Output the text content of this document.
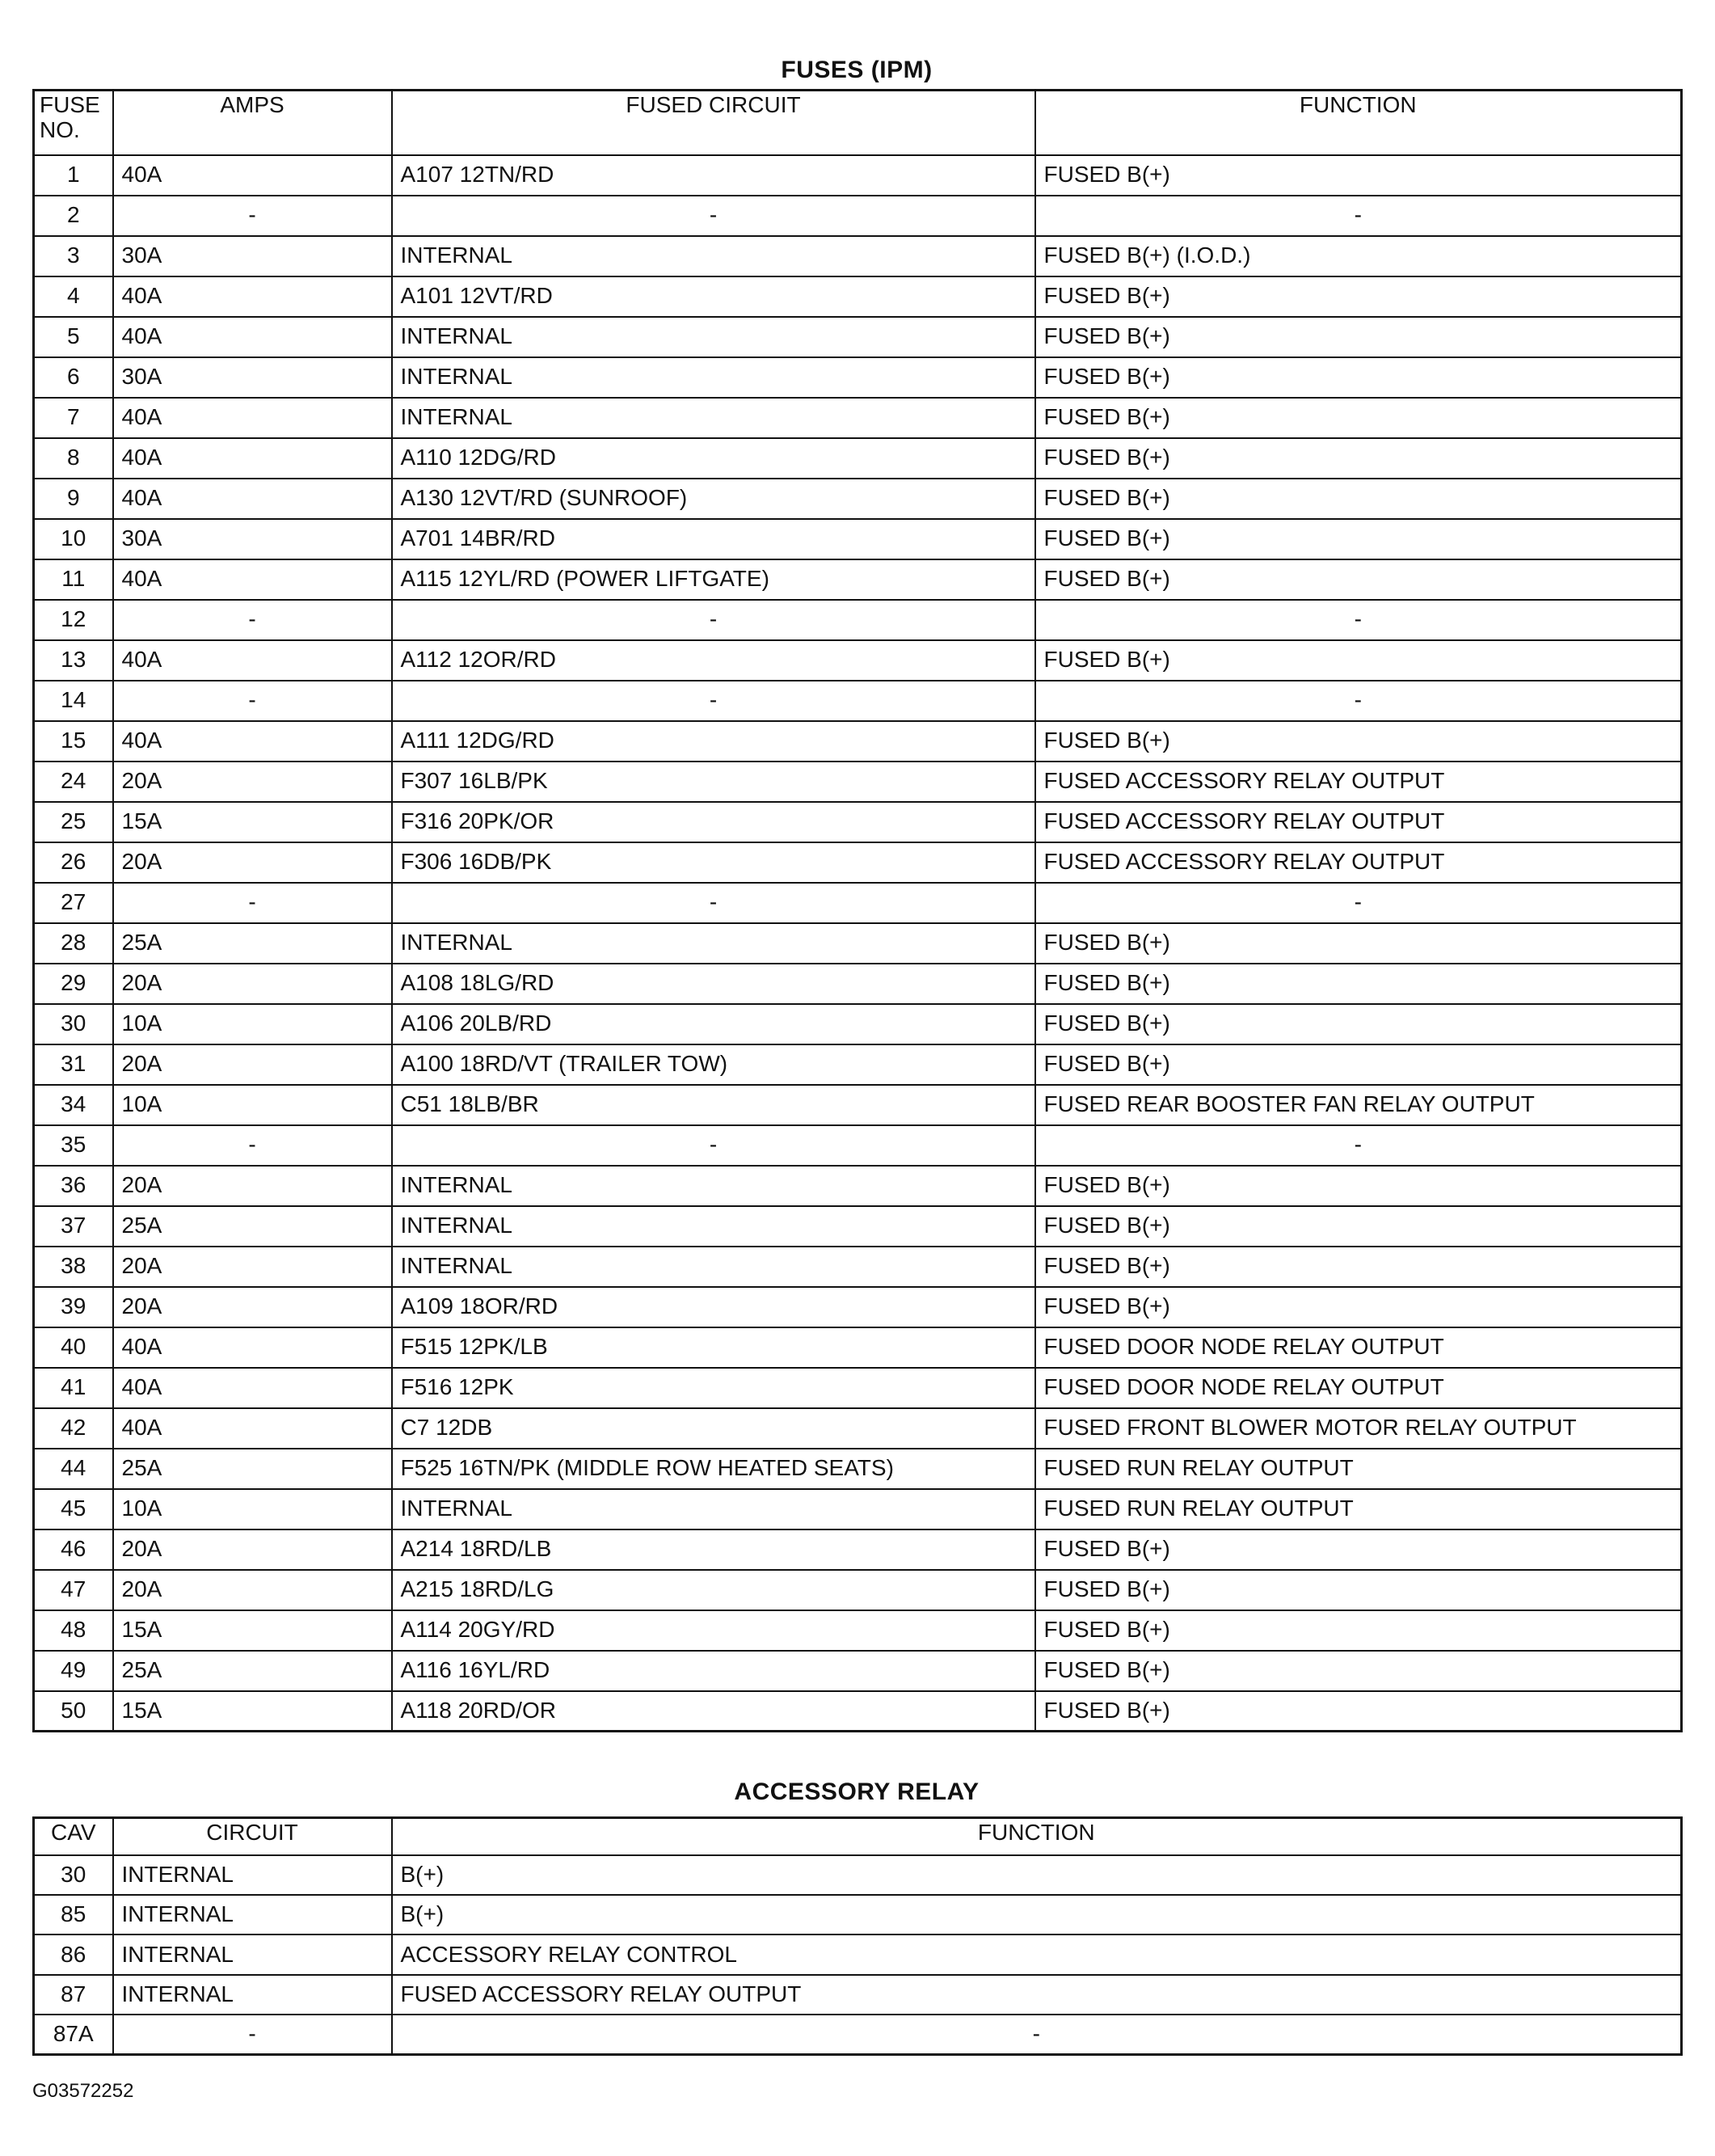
FUSES (IPM)
FUSE NO.	AMPS	FUSED CIRCUIT	FUNCTION
1	40A	A107 12TN/RD	FUSED B(+)
2	-	-	-
3	30A	INTERNAL	FUSED B(+) (I.O.D.)
4	40A	A101 12VT/RD	FUSED B(+)
5	40A	INTERNAL	FUSED B(+)
6	30A	INTERNAL	FUSED B(+)
7	40A	INTERNAL	FUSED B(+)
8	40A	A110 12DG/RD	FUSED B(+)
9	40A	A130 12VT/RD (SUNROOF)	FUSED B(+)
10	30A	A701 14BR/RD	FUSED B(+)
11	40A	A115 12YL/RD (POWER LIFTGATE)	FUSED B(+)
12	-	-	-
13	40A	A112 12OR/RD	FUSED B(+)
14	-	-	-
15	40A	A111 12DG/RD	FUSED B(+)
24	20A	F307 16LB/PK	FUSED ACCESSORY RELAY OUTPUT
25	15A	F316 20PK/OR	FUSED ACCESSORY RELAY OUTPUT
26	20A	F306 16DB/PK	FUSED ACCESSORY RELAY OUTPUT
27	-	-	-
28	25A	INTERNAL	FUSED B(+)
29	20A	A108 18LG/RD	FUSED B(+)
30	10A	A106 20LB/RD	FUSED B(+)
31	20A	A100 18RD/VT (TRAILER TOW)	FUSED B(+)
34	10A	C51 18LB/BR	FUSED REAR BOOSTER FAN RELAY OUTPUT
35	-	-	-
36	20A	INTERNAL	FUSED B(+)
37	25A	INTERNAL	FUSED B(+)
38	20A	INTERNAL	FUSED B(+)
39	20A	A109 18OR/RD	FUSED B(+)
40	40A	F515 12PK/LB	FUSED DOOR NODE RELAY OUTPUT
41	40A	F516 12PK	FUSED DOOR NODE RELAY OUTPUT
42	40A	C7 12DB	FUSED FRONT BLOWER MOTOR RELAY OUTPUT
44	25A	F525 16TN/PK (MIDDLE ROW HEATED SEATS)	FUSED RUN RELAY OUTPUT
45	10A	INTERNAL	FUSED RUN RELAY OUTPUT
46	20A	A214 18RD/LB	FUSED B(+)
47	20A	A215 18RD/LG	FUSED B(+)
48	15A	A114 20GY/RD	FUSED B(+)
49	25A	A116 16YL/RD	FUSED B(+)
50	15A	A118 20RD/OR	FUSED B(+)
ACCESSORY RELAY
CAV	CIRCUIT	FUNCTION
30	INTERNAL	B(+)
85	INTERNAL	B(+)
86	INTERNAL	ACCESSORY RELAY CONTROL
87	INTERNAL	FUSED ACCESSORY RELAY OUTPUT
87A	-	-
G03572252
